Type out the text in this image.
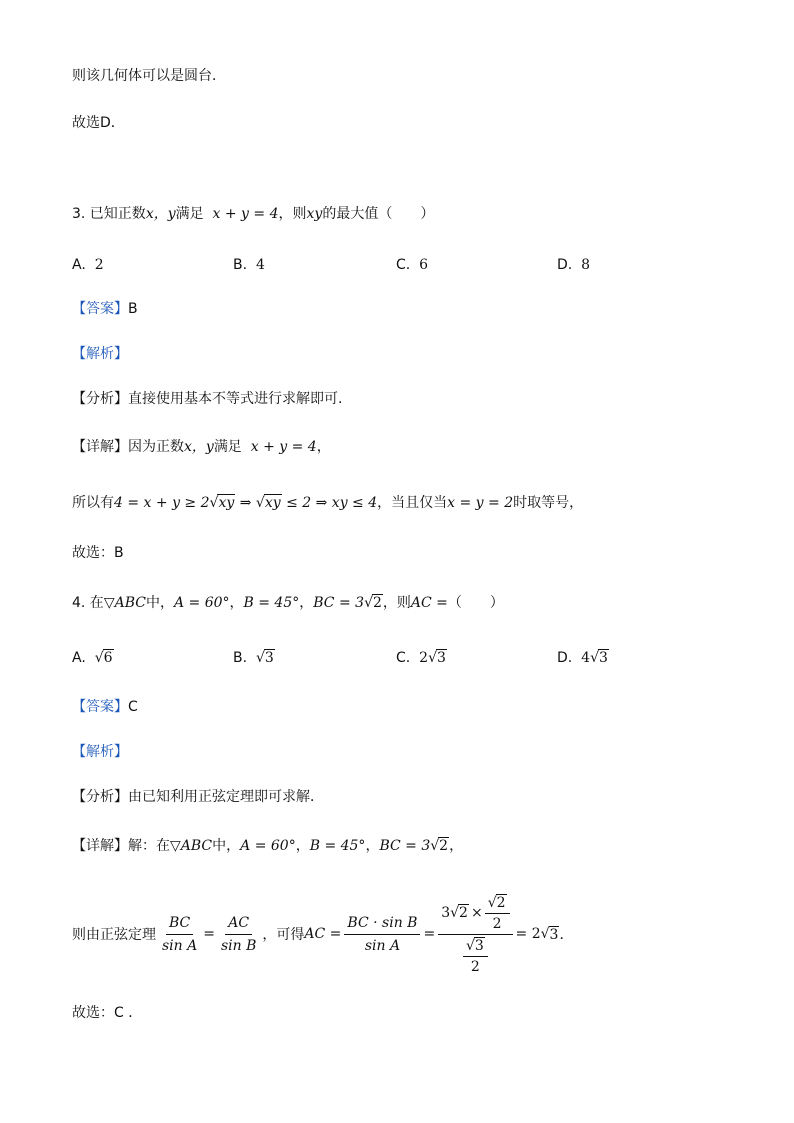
则该几何体可以是圆台．
故选D．
3. 已知正数x，y满足 x + y = 4，则xy的最大值（　　）
A. 2	B. 4	C. 6	D. 8
【答案】B
【解析】
【分析】直接使用基本不等式进行求解即可.
【详解】因为正数x，y满足 x + y = 4，
所以有4 = x + y ≥ 2√xy ⇒ √xy ≤ 2 ⇒ xy ≤ 4，当且仅当x = y = 2时取等号，
故选：B
4. 在▽ABC中，A = 60°，B = 45°，BC = 3√2，则AC =（　　）
A. √6	B. √3	C. 2√3	D. 4√3
【答案】C
【解析】
【分析】由已知利用正弦定理即可求解．
【详解】解：在▽ABC中，A = 60°，B = 45°，BC = 3√2，
则由正弦定理 $\frac{BC}{\text{sin A}} = \frac{AC}{\text{sin B}}$ ，可得 AC = $\frac{\text{BC · sin B}}{\text{sin A}} = \frac{3 √ 2 \times \frac{√2}{2}}{\frac{√3}{2}} = 2$ √ 3 ．
故选：C ．
